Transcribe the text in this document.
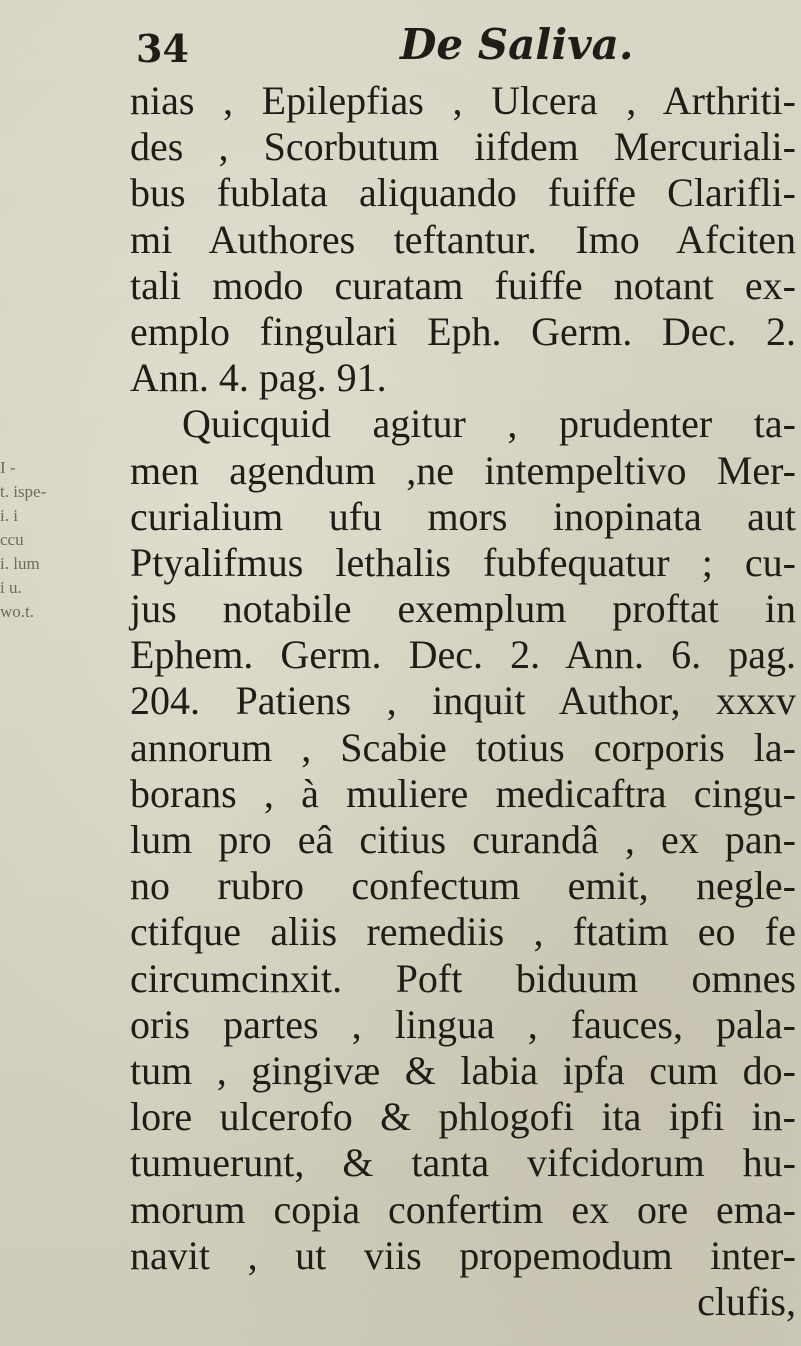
34	De Saliva.
I -
t. ispe-
i. i
ccu
i. lum
i u.
wo.t.
nias , Epilepfias , Ulcera , Arthriti-
des , Scorbutum iifdem Mercuriali-
bus fublata aliquando fuiffe Clarifli-
mi Authores teftantur. Imo Afciten
tali modo curatam fuiffe notant ex-
emplo fingulari Eph. Germ. Dec. 2.
Ann. 4. pag. 91.
Quicquid agitur , prudenter ta-
men agendum ,ne intempeltivo Mer-
curialium ufu mors inopinata aut
Ptyalifmus lethalis fubfequatur ; cu-
jus notabile exemplum proftat in
Ephem. Germ. Dec. 2. Ann. 6. pag.
204. Patiens , inquit Author, xxxv
annorum , Scabie totius corporis la-
borans , à muliere medicaftra cingu-
lum pro eâ citius curandâ , ex pan-
no rubro confectum emit, negle-
ctifque aliis remediis , ftatim eo fe
circumcinxit. Poft biduum omnes
oris partes , lingua , fauces, pala-
tum , gingivæ & labia ipfa cum do-
lore ulcerofo & phlogofi ita ipfi in-
tumuerunt, & tanta vifcidorum hu-
morum copia confertim ex ore ema-
navit , ut viis propemodum inter-
clufis,
